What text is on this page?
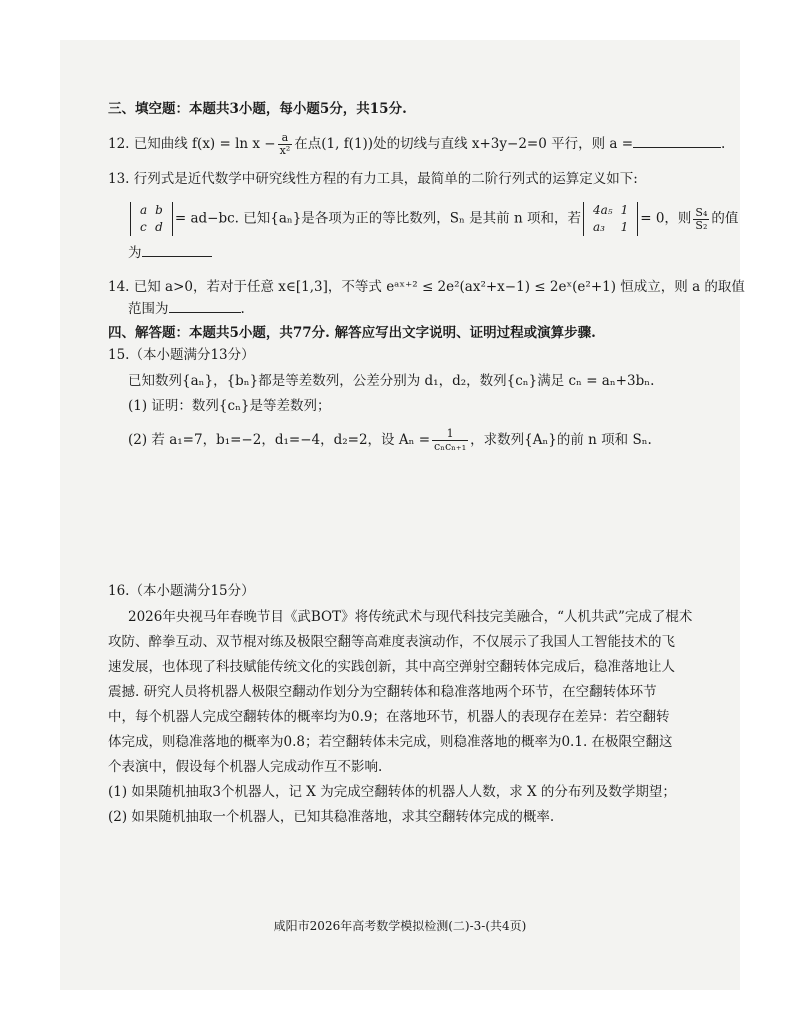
三、填空题：本题共3小题，每小题5分，共15分.
12. 已知曲线 $f(x) = \ln x - \frac{a}{\text{x²}}$ 在点(1, f(1))处的切线与直线 x+3y−2=0 平行，则 a =	.
13. 行列式是近代数学中研究线性方程的有力工具，最简单的二阶行列式的运算定义如下:
a	b
c	d
= ad−bc. 已知{aₙ}是各项为正的等比数列，Sₙ 是其前 n 项和，若
4a₅	1
a₃	1
= 0，则 $\frac{\text{S₄}}{\text{S₂}}$ 的值
为
14. 已知 a>0，若对于任意 x∈[1,3]，不等式 eᵃˣ⁺² ≤ 2e²(ax²+x−1) ≤ 2eˣ(e²+1) 恒成立，则 a 的取值
范围为	.
四、解答题：本题共5小题，共77分. 解答应写出文字说明、证明过程或演算步骤.
15.（本小题满分13分）
已知数列{aₙ}，{bₙ}都是等差数列，公差分别为 d₁，d₂，数列{cₙ}满足 cₙ = aₙ+3bₙ.
(1) 证明：数列{cₙ}是等差数列；
(2) 若 a₁=7，b₁=−2，d₁=−4，d₂=2，设 $A_n = \frac{1}{\text{cₙcₙ₊₁}}$ ，求数列{Aₙ}的前 n 项和 Sₙ.
16.（本小题满分15分）
2026年央视马年春晚节目《武BOT》将传统武术与现代科技完美融合，“人机共武”完成了棍术
攻防、醉拳互动、双节棍对练及极限空翻等高难度表演动作，不仅展示了我国人工智能技术的飞
速发展，也体现了科技赋能传统文化的实践创新，其中高空弹射空翻转体完成后，稳准落地让人
震撼. 研究人员将机器人极限空翻动作划分为空翻转体和稳准落地两个环节，在空翻转体环节
中，每个机器人完成空翻转体的概率均为0.9；在落地环节，机器人的表现存在差异：若空翻转
体完成，则稳准落地的概率为0.8；若空翻转体未完成，则稳准落地的概率为0.1. 在极限空翻这
个表演中，假设每个机器人完成动作互不影响.
(1) 如果随机抽取3个机器人，记 X 为完成空翻转体的机器人人数，求 X 的分布列及数学期望；
(2) 如果随机抽取一个机器人，已知其稳准落地，求其空翻转体完成的概率.
咸阳市2026年高考数学模拟检测(二)-3-(共4页)
